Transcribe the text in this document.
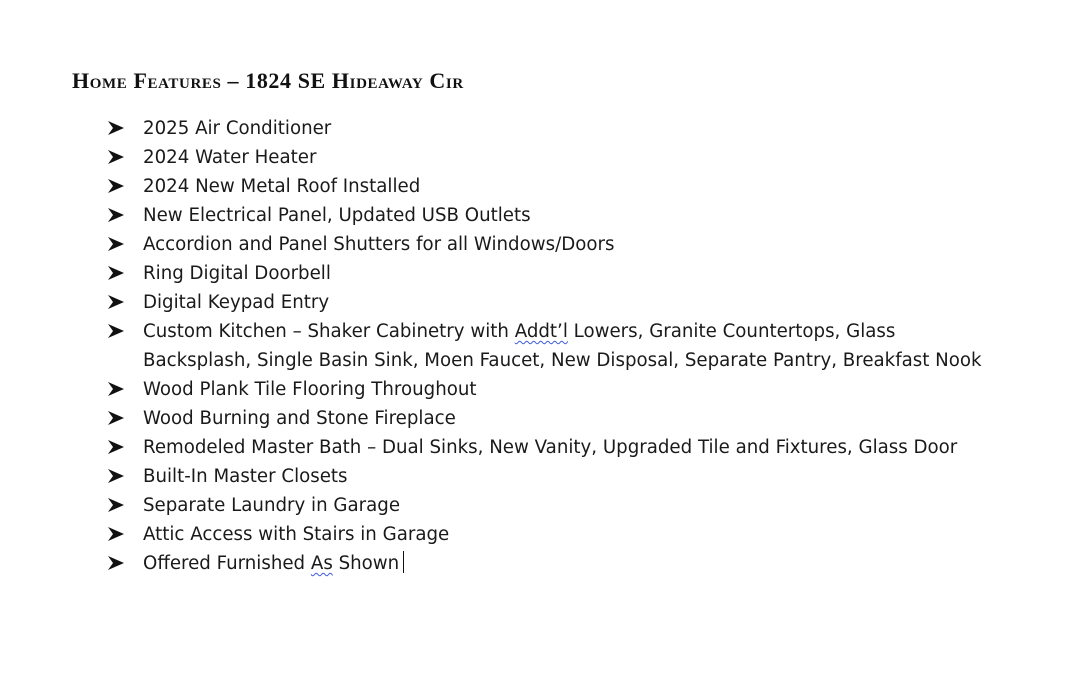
Home Features – 1824 SE Hideaway Cir
2025 Air Conditioner
2024 Water Heater
2024 New Metal Roof Installed
New Electrical Panel, Updated USB Outlets
Accordion and Panel Shutters for all Windows/Doors
Ring Digital Doorbell
Digital Keypad Entry
Custom Kitchen – Shaker Cabinetry with Addt’l Lowers, Granite Countertops, Glass Backsplash, Single Basin Sink, Moen Faucet, New Disposal, Separate Pantry, Breakfast Nook
Wood Plank Tile Flooring Throughout
Wood Burning and Stone Fireplace
Remodeled Master Bath – Dual Sinks, New Vanity, Upgraded Tile and Fixtures, Glass Door
Built-In Master Closets
Separate Laundry in Garage
Attic Access with Stairs in Garage
Offered Furnished As Shown
